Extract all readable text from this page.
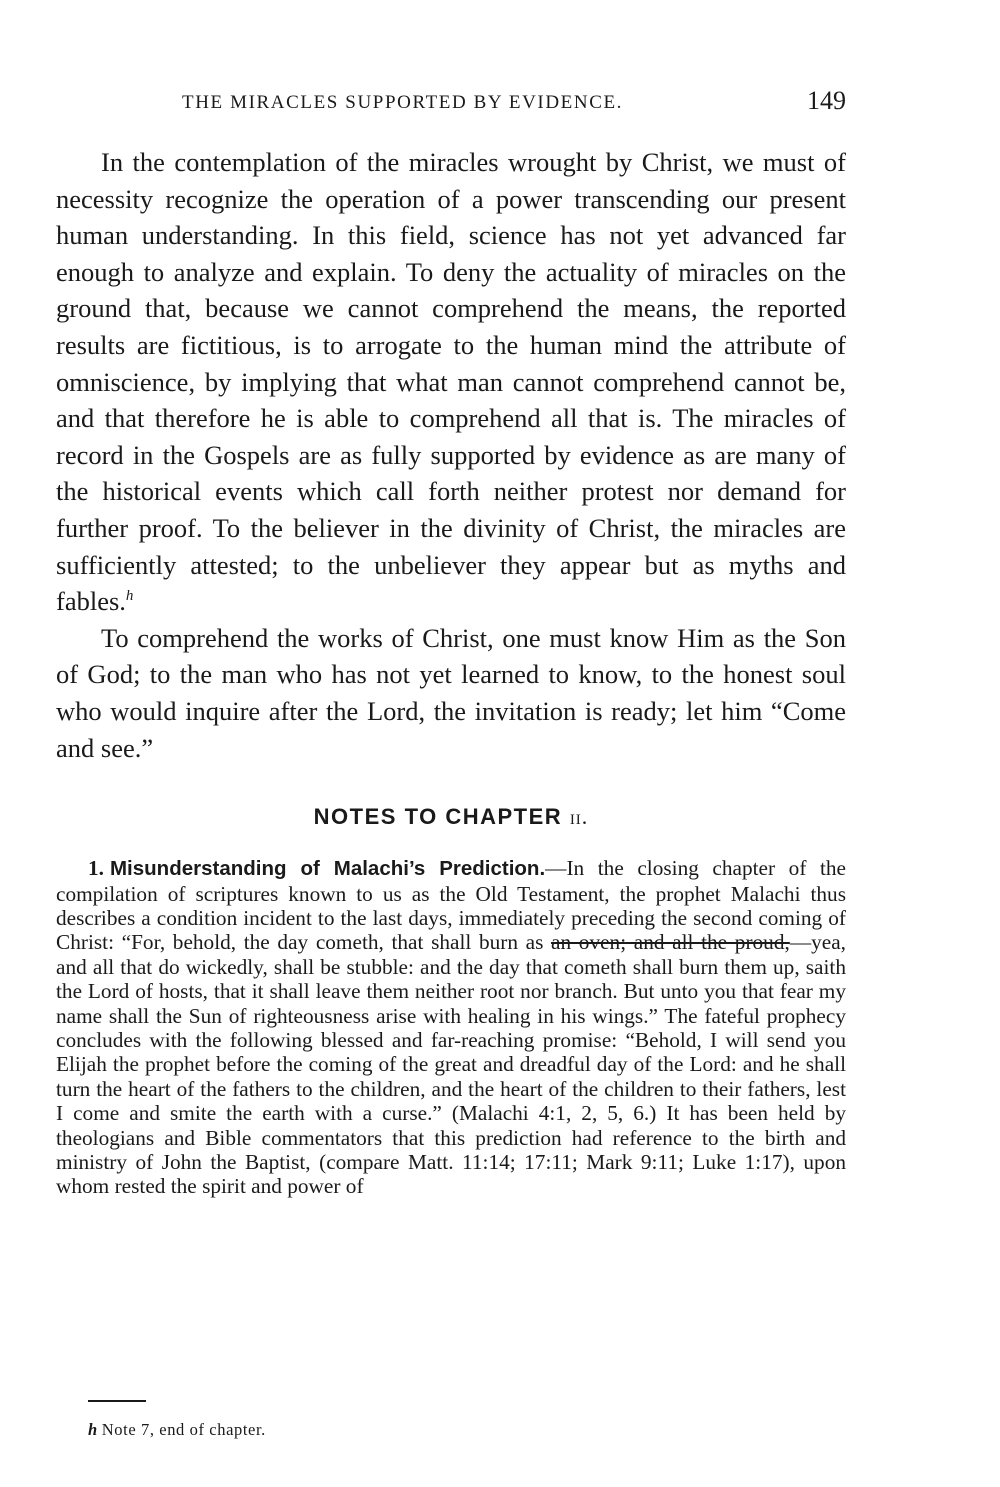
THE MIRACLES SUPPORTED BY EVIDENCE.	149

In the contemplation of the miracles wrought by Christ, we must of necessity recognize the operation of a power transcending our present human understanding. In this field, science has not yet advanced far enough to analyze and explain. To deny the actuality of miracles on the ground that, because we cannot comprehend the means, the reported results are fictitious, is to arrogate to the human mind the attribute of omniscience, by implying that what man cannot comprehend cannot be, and that therefore he is able to comprehend all that is. The miracles of record in the Gospels are as fully supported by evidence as are many of the historical events which call forth neither protest nor demand for further proof. To the believer in the divinity of Christ, the miracles are sufficiently attested; to the unbeliever they appear but as myths and fables.$^h$

To comprehend the works of Christ, one must know Him as the Son of God; to the man who has not yet learned to know, to the honest soul who would inquire after the Lord, the invitation is ready; let him “Come and see.”

NOTES TO CHAPTER ii.
1. Misunderstanding of Malachi’s Prediction.—In the closing chapter of the compilation of scriptures known to us as the Old Testament, the prophet Malachi thus describes a condition incident to the last days, immediately preceding the second coming of Christ: “For, behold, the day cometh, that shall burn as an oven; and all the proud,—yea, and all that do wickedly, shall be stubble: and the day that cometh shall burn them up, saith the Lord of hosts, that it shall leave them neither root nor branch. But unto you that fear my name shall the Sun of righteousness arise with healing in his wings.” The fateful prophecy concludes with the following blessed and far-reaching promise: “Behold, I will send you Elijah the prophet before the coming of the great and dreadful day of the Lord: and he shall turn the heart of the fathers to the children, and the heart of the children to their fathers, lest I come and smite the earth with a curse.” (Malachi 4:1, 2, 5, 6.) It has been held by theologians and Bible commentators that this prediction had reference to the birth and ministry of John the Baptist, (compare Matt. 11:14; 17:11; Mark 9:11; Luke 1:17), upon whom rested the spirit and power of
h Note 7, end of chapter.
